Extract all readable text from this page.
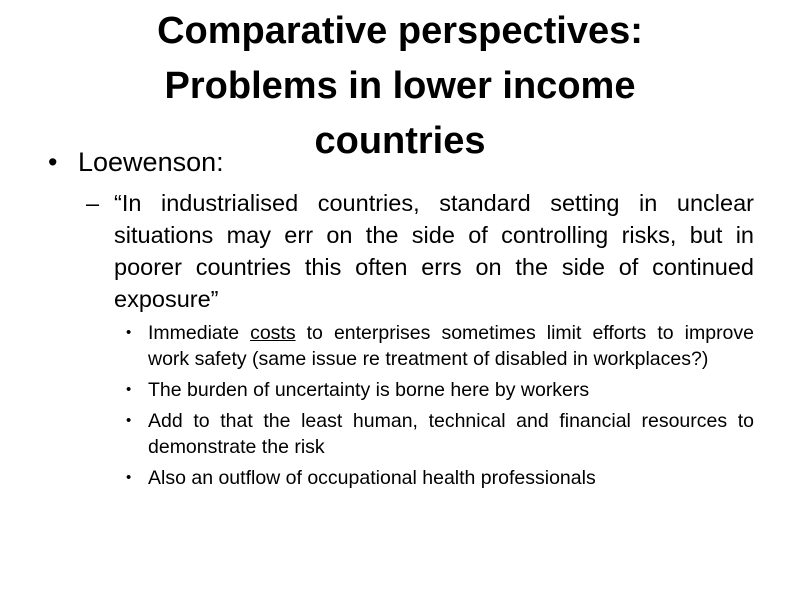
Comparative perspectives:
Problems in lower income
countries
• Loewenson:
– “In industrialised countries, standard setting in unclear situations may err on the side of controlling risks, but in poorer countries this often errs on the side of continued exposure”
• Immediate costs to enterprises sometimes limit efforts to improve work safety (same issue re treatment of disabled in workplaces?)
• The burden of uncertainty is borne here by workers
• Add to that the least human, technical and financial resources to demonstrate the risk
• Also an outflow of occupational health professionals
